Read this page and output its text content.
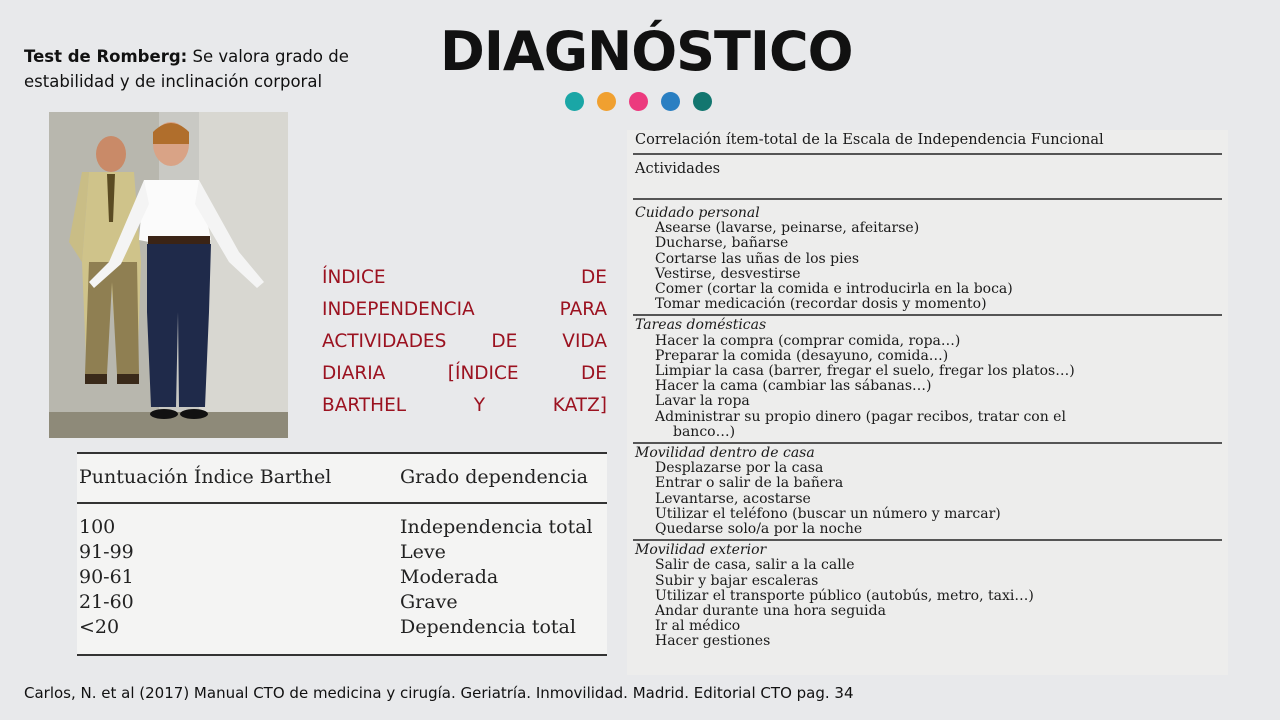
DIAGNÓSTICO
Test de Romberg: Se valora grado de estabilidad y de inclinación corporal
ÍNDICE DE
INDEPENDENCIA PARA
ACTIVIDADES DE VIDA
DIARIA [ÍNDICE DE
BARTHEL Y KATZ]
Puntuación Índice Barthel	Grado dependencia
100	Independencia total
91-99	Leve
90-61	Moderada
21-60	Grave
<20	Dependencia total
Correlación ítem-total de la Escala de Independencia Funcional
Actividades
Cuidado personal
Asearse (lavarse, peinarse, afeitarse)
Ducharse, bañarse
Cortarse las uñas de los pies
Vestirse, desvestirse
Comer (cortar la comida e introducirla en la boca)
Tomar medicación (recordar dosis y momento)
Tareas domésticas
Hacer la compra (comprar comida, ropa…)
Preparar la comida (desayuno, comida…)
Limpiar la casa (barrer, fregar el suelo, fregar los platos…)
Hacer la cama (cambiar las sábanas…)
Lavar la ropa
Administrar su propio dinero (pagar recibos, tratar con el
banco…)
Movilidad dentro de casa
Desplazarse por la casa
Entrar o salir de la bañera
Levantarse, acostarse
Utilizar el teléfono (buscar un número y marcar)
Quedarse solo/a por la noche
Movilidad exterior
Salir de casa, salir a la calle
Subir y bajar escaleras
Utilizar el transporte público (autobús, metro, taxi…)
Andar durante una hora seguida
Ir al médico
Hacer gestiones
Carlos, N. et al (2017) Manual CTO de medicina y cirugía. Geriatría. Inmovilidad. Madrid. Editorial CTO pag. 34
